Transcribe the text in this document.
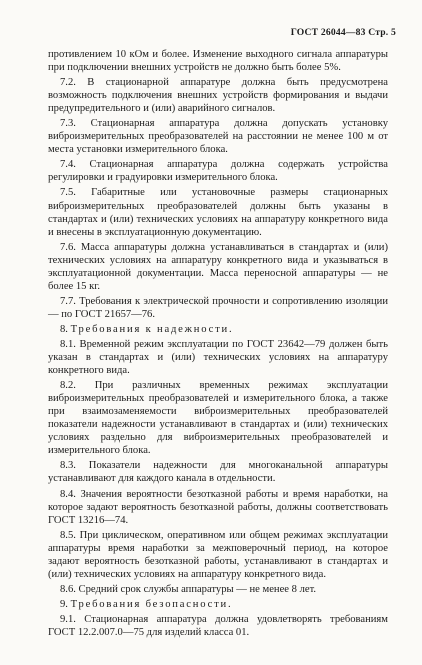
ГОСТ 26044—83 Стр. 5

противлением 10 кОм и более. Изменение выходного сигнала аппаратуры при подключении внешних устройств не должно быть более 5%.

7.2. В стационарной аппаратуре должна быть предусмотрена возможность подключения внешних устройств формирования и выдачи предупредительного и (или) аварийного сигналов.

7.3. Стационарная аппаратура должна допускать установку виброизмерительных преобразователей на расстоянии не менее 100 м от места установки измерительного блока.

7.4. Стационарная аппаратура должна содержать устройства регулировки и градуировки измерительного блока.

7.5. Габаритные или установочные размеры стационарных виброизмерительных преобразователей должны быть указаны в стандартах и (или) технических условиях на аппаратуру конкретного вида и внесены в эксплуатационную документацию.

7.6. Масса аппаратуры должна устанавливаться в стандартах и (или) технических условиях на аппаратуру конкретного вида и указываться в эксплуатационной документации. Масса переносной аппаратуры — не более 15 кг.

7.7. Требования к электрической прочности и сопротивлению изоляции — по ГОСТ 21657—76.

8. Требования к надежности.

8.1. Временной режим эксплуатации по ГОСТ 23642—79 должен быть указан в стандартах и (или) технических условиях на аппаратуру конкретного вида.

8.2. При различных временных режимах эксплуатации виброизмерительных преобразователей и измерительного блока, а также при взаимозаменяемости виброизмерительных преобразователей показатели надежности устанавливают в стандартах и (или) технических условиях раздельно для виброизмерительных преобразователей и измерительного блока.

8.3. Показатели надежности для многоканальной аппаратуры устанавливают для каждого канала в отдельности.

8.4. Значения вероятности безотказной работы и время наработки, на которое задают вероятность безотказной работы, должны соответствовать ГОСТ 13216—74.

8.5. При циклическом, оперативном или общем режимах эксплуатации аппаратуры время наработки за межповерочный период, на которое задают вероятность безотказной работы, устанавливают в стандартах и (или) технических условиях на аппаратуру конкретного вида.

8.6. Средний срок службы аппаратуры — не менее 8 лет.

9. Требования безопасности.

9.1. Стационарная аппаратура должна удовлетворять требованиям ГОСТ 12.2.007.0—75 для изделий класса 01.
